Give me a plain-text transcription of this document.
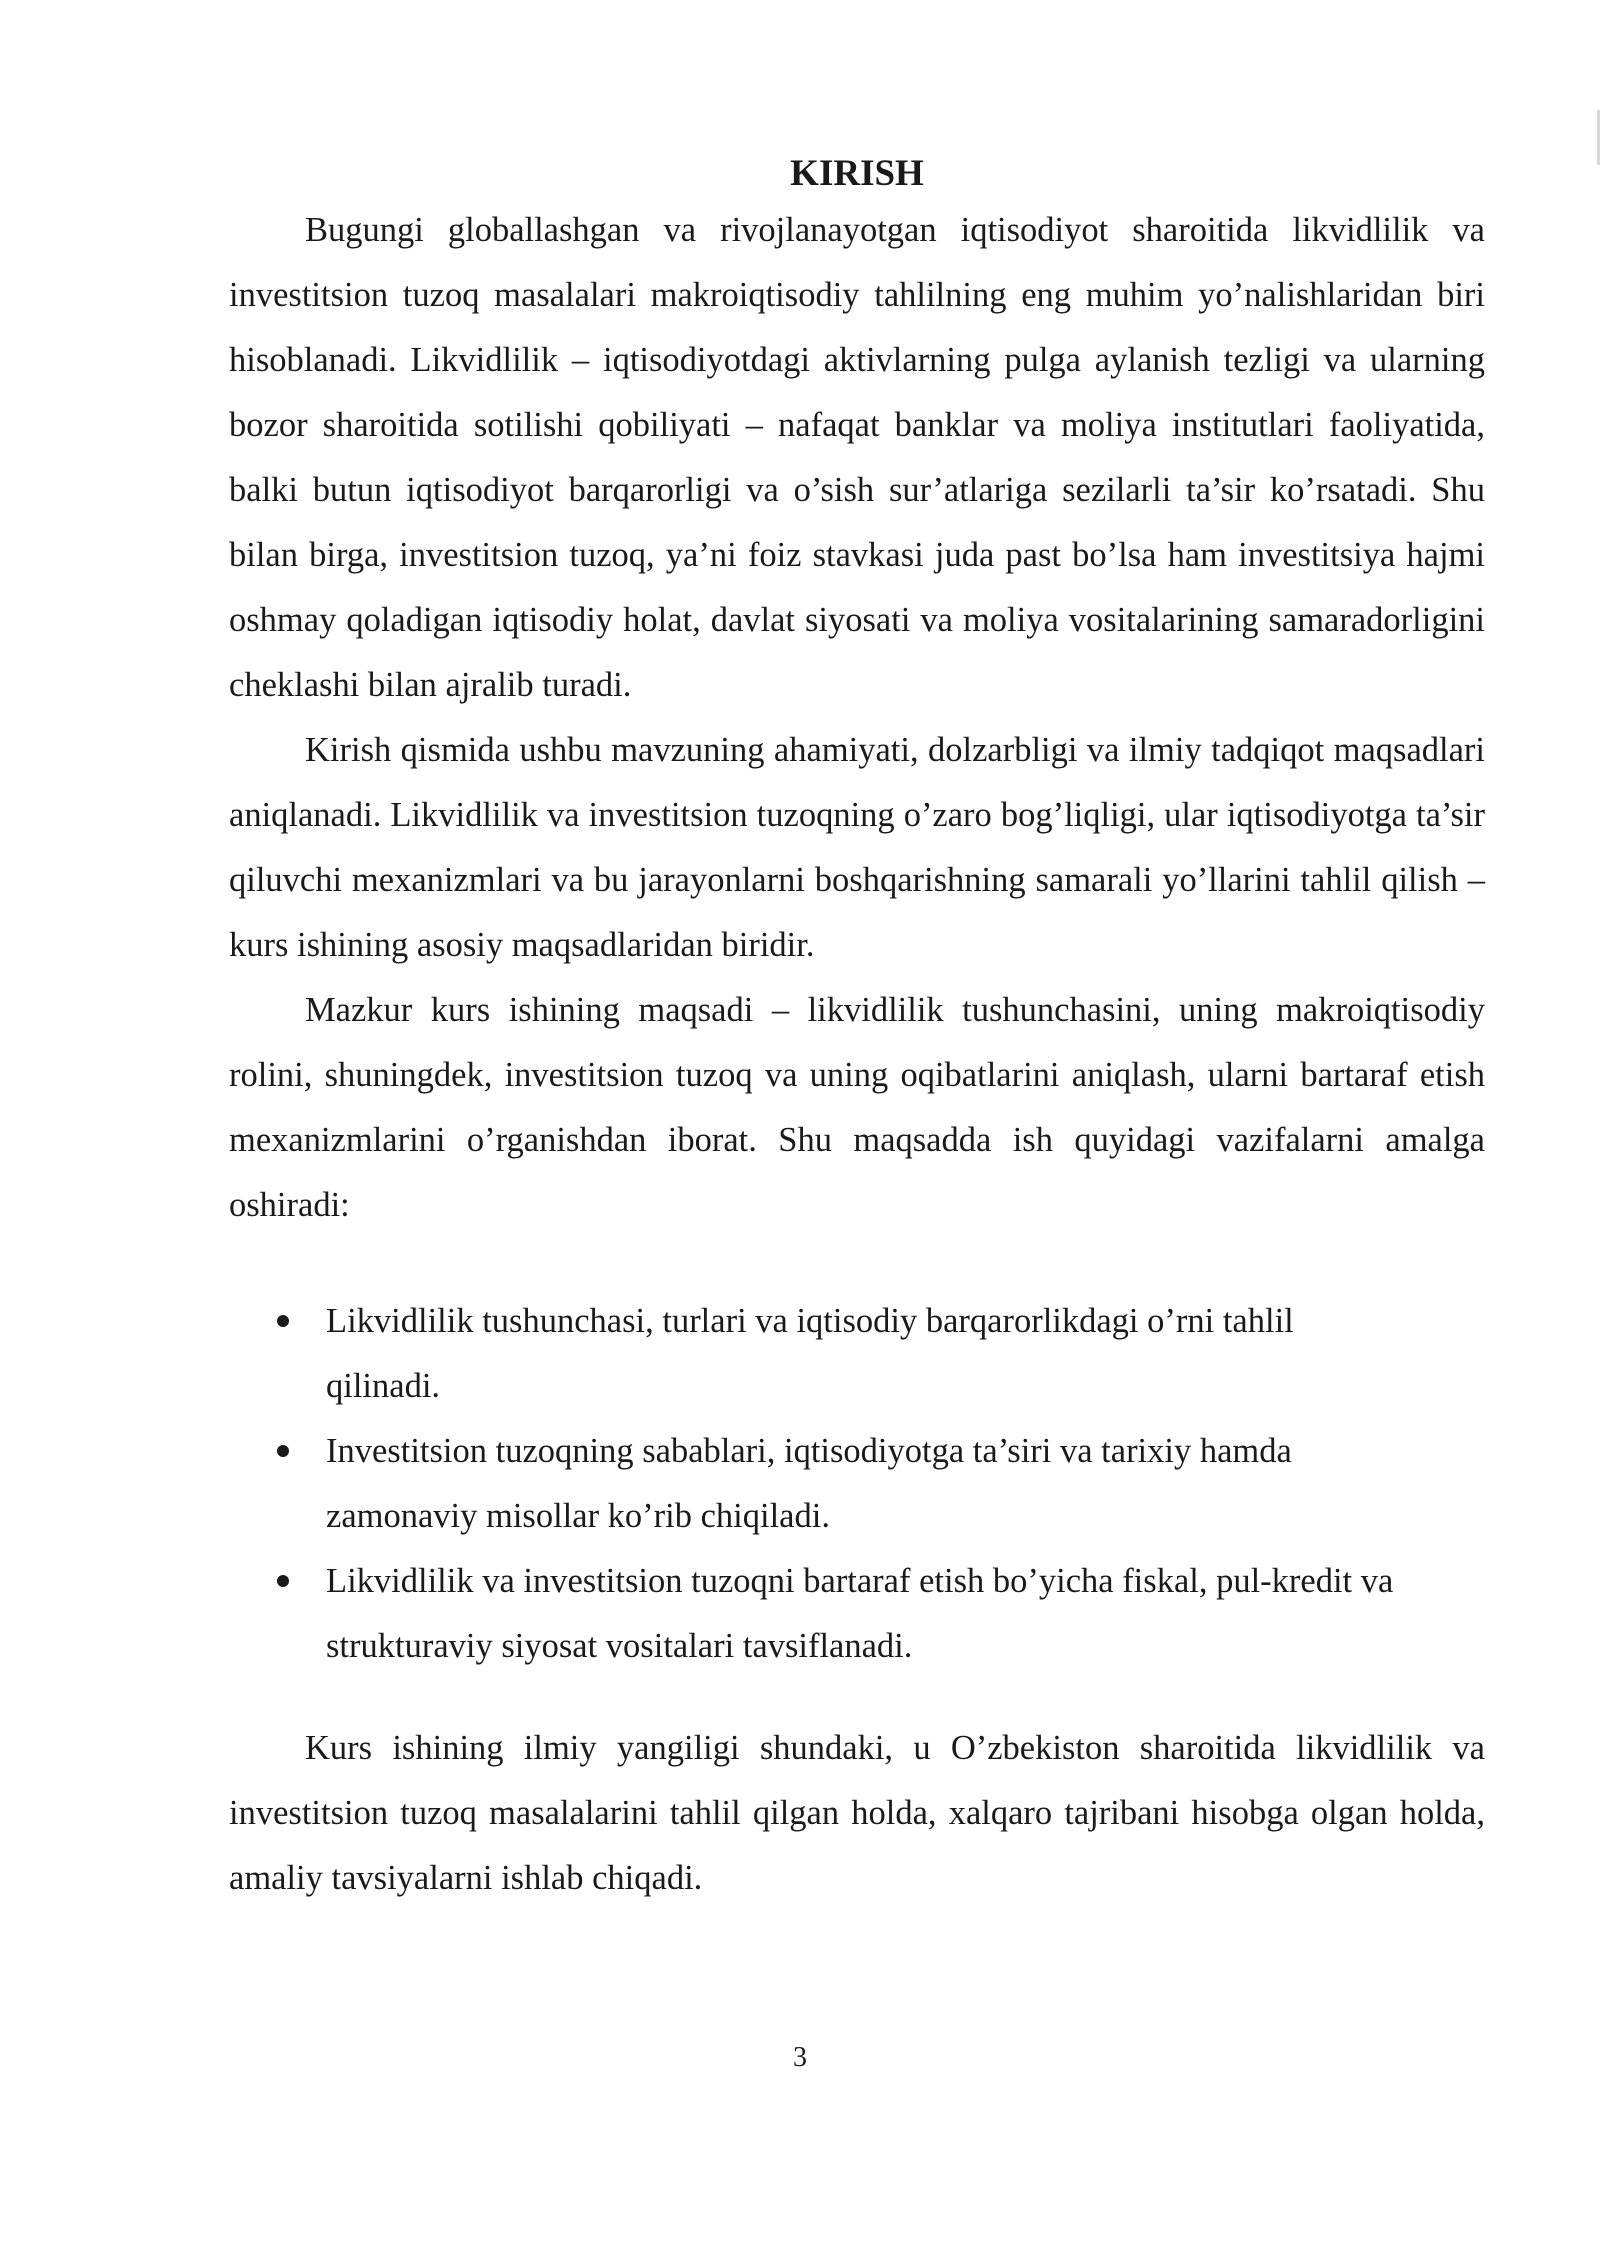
KIRISH

Bugungi globallashgan va rivojlanayotgan iqtisodiyot sharoitida likvidlilik va investitsion tuzoq masalalari makroiqtisodiy tahlilning eng muhim yo’nalishlaridan biri hisoblanadi. Likvidlilik – iqtisodiyotdagi aktivlarning pulga aylanish tezligi va ularning bozor sharoitida sotilishi qobiliyati – nafaqat banklar va moliya institutlari faoliyatida, balki butun iqtisodiyot barqarorligi va o’sish sur’atlariga sezilarli ta’sir ko’rsatadi. Shu bilan birga, investitsion tuzoq, ya’ni foiz stavkasi juda past bo’lsa ham investitsiya hajmi oshmay qoladigan iqtisodiy holat, davlat siyosati va moliya vositalarining samaradorligini cheklashi bilan ajralib turadi.

Kirish qismida ushbu mavzuning ahamiyati, dolzarbligi va ilmiy tadqiqot maqsadlari aniqlanadi. Likvidlilik va investitsion tuzoqning o’zaro bog’liqligi, ular iqtisodiyotga ta’sir qiluvchi mexanizmlari va bu jarayonlarni boshqarishning samarali yo’llarini tahlil qilish – kurs ishining asosiy maqsadlaridan biridir.

Mazkur kurs ishining maqsadi – likvidlilik tushunchasini, uning makroiqtisodiy rolini, shuningdek, investitsion tuzoq va uning oqibatlarini aniqlash, ularni bartaraf etish mexanizmlarini o’rganishdan iborat. Shu maqsadda ish quyidagi vazifalarni amalga oshiradi:

Likvidlilik tushunchasi, turlari va iqtisodiy barqarorlikdagi o’rni tahlil qilinadi.
Investitsion tuzoqning sabablari, iqtisodiyotga ta’siri va tarixiy hamda zamonaviy misollar ko’rib chiqiladi.
Likvidlilik va investitsion tuzoqni bartaraf etish bo’yicha fiskal, pul-kredit va strukturaviy siyosat vositalari tavsiflanadi.

Kurs ishining ilmiy yangiligi shundaki, u O’zbekiston sharoitida likvidlilik va investitsion tuzoq masalalarini tahlil qilgan holda, xalqaro tajribani hisobga olgan holda, amaliy tavsiyalarni ishlab chiqadi.

3
